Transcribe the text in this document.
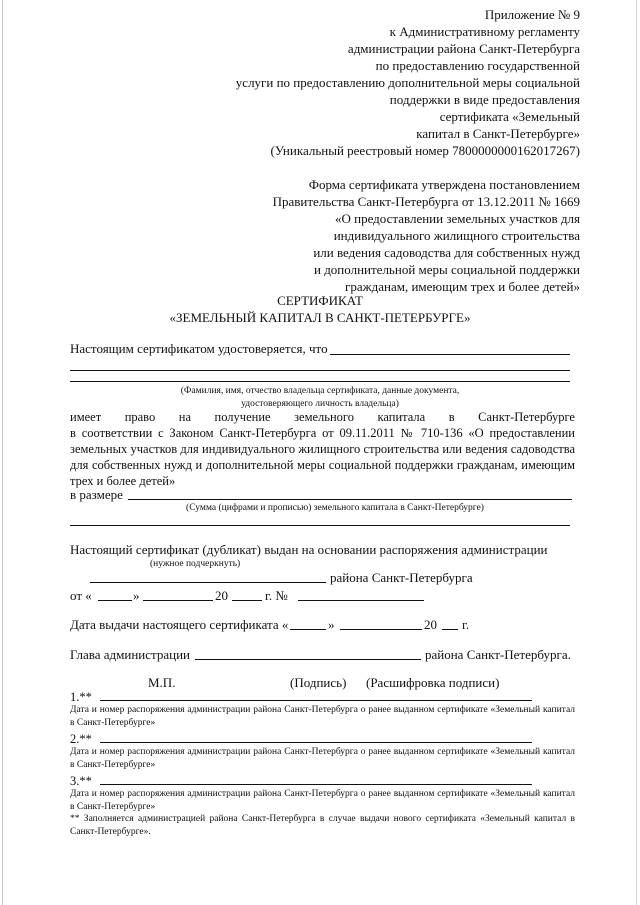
Приложение № 9
к Административному регламенту
администрации района Санкт-Петербурга
по предоставлению государственной
услуги по предоставлению дополнительной меры социальной
поддержки в виде предоставления
сертификата «Земельный
капитал в Санкт-Петербурге»
(Уникальный реестровый номер 7800000000162017267)
Форма сертификата утверждена постановлением
Правительства Санкт-Петербурга от 13.12.2011 № 1669
«О предоставлении земельных участков для
индивидуального жилищного строительства
или ведения садоводства для собственных нужд
и дополнительной меры социальной поддержки
гражданам, имеющим трех и более детей»
СЕРТИФИКАТ
«ЗЕМЕЛЬНЫЙ КАПИТАЛ В САНКТ-ПЕТЕРБУРГЕ»
Настоящим сертификатом удостоверяется, что
(Фамилия, имя, отчество владельца сертификата, данные документа,
удостоверяющего личность владельца)
имеет право на получение земельного капитала в Санкт-Петербурге
в соответствии с Законом Санкт-Петербурга от 09.11.2011 № 710-136 «О предоставлении земельных участков для индивидуального жилищного строительства или ведения садоводства для собственных нужд и дополнительной меры социальной поддержки гражданам, имеющим трех и более детей»
в размере
(Сумма (цифрами и прописью) земельного капитала в Санкт-Петербурге)
Настоящий сертификат (дубликат) выдан на основании распоряжения администрации
(нужное подчеркнуть)
района Санкт-Петербурга
от «	»	20	г. №
Дата выдачи настоящего сертификата «	»	20 г.
Глава администрации	района Санкт-Петербурга.
М.П.	(Подпись) (Расшифровка подписи)
1.**
Дата и номер распоряжения администрации района Санкт-Петербурга о ранее выданном сертификате «Земельный капитал в Санкт-Петербурге»
2.**
Дата и номер распоряжения администрации района Санкт-Петербурга о ранее выданном сертификате «Земельный капитал в Санкт-Петербурге»
3.**
Дата и номер распоряжения администрации района Санкт-Петербурга о ранее выданном сертификате «Земельный капитал в Санкт-Петербурге»
** Заполняется администрацией района Санкт-Петербурга в случае выдачи нового сертификата «Земельный капитал в Санкт-Петербурге».
